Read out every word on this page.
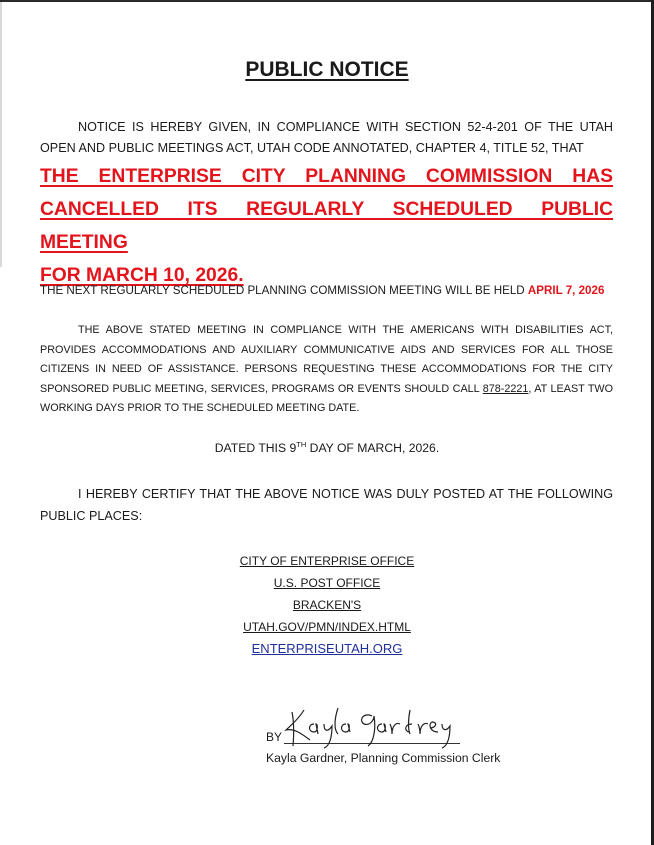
PUBLIC NOTICE
NOTICE IS HEREBY GIVEN, IN COMPLIANCE WITH SECTION 52-4-201 OF THE UTAH OPEN AND PUBLIC MEETINGS ACT, UTAH CODE ANNOTATED, CHAPTER 4, TITLE 52, THAT
THE ENTERPRISE CITY PLANNING COMMISSION HAS
CANCELLED ITS REGULARLY SCHEDULED PUBLIC MEETING
FOR MARCH 10, 2026.
THE NEXT REGULARLY SCHEDULED PLANNING COMMISSION MEETING WILL BE HELD APRIL 7, 2026
THE ABOVE STATED MEETING IN COMPLIANCE WITH THE AMERICANS WITH DISABILITIES ACT, PROVIDES ACCOMMODATIONS AND AUXILIARY COMMUNICATIVE AIDS AND SERVICES FOR ALL THOSE CITIZENS IN NEED OF ASSISTANCE. PERSONS REQUESTING THESE ACCOMMODATIONS FOR THE CITY SPONSORED PUBLIC MEETING, SERVICES, PROGRAMS OR EVENTS SHOULD CALL 878-2221, AT LEAST TWO WORKING DAYS PRIOR TO THE SCHEDULED MEETING DATE.
DATED THIS 9TH DAY OF MARCH, 2026.
I HEREBY CERTIFY THAT THE ABOVE NOTICE WAS DULY POSTED AT THE FOLLOWING PUBLIC PLACES:
CITY OF ENTERPRISE OFFICE
U.S. POST OFFICE
BRACKEN'S
UTAH.GOV/PMN/INDEX.HTML
ENTERPRISEUTAH.ORG
BY
Kayla Gardner, Planning Commission Clerk
